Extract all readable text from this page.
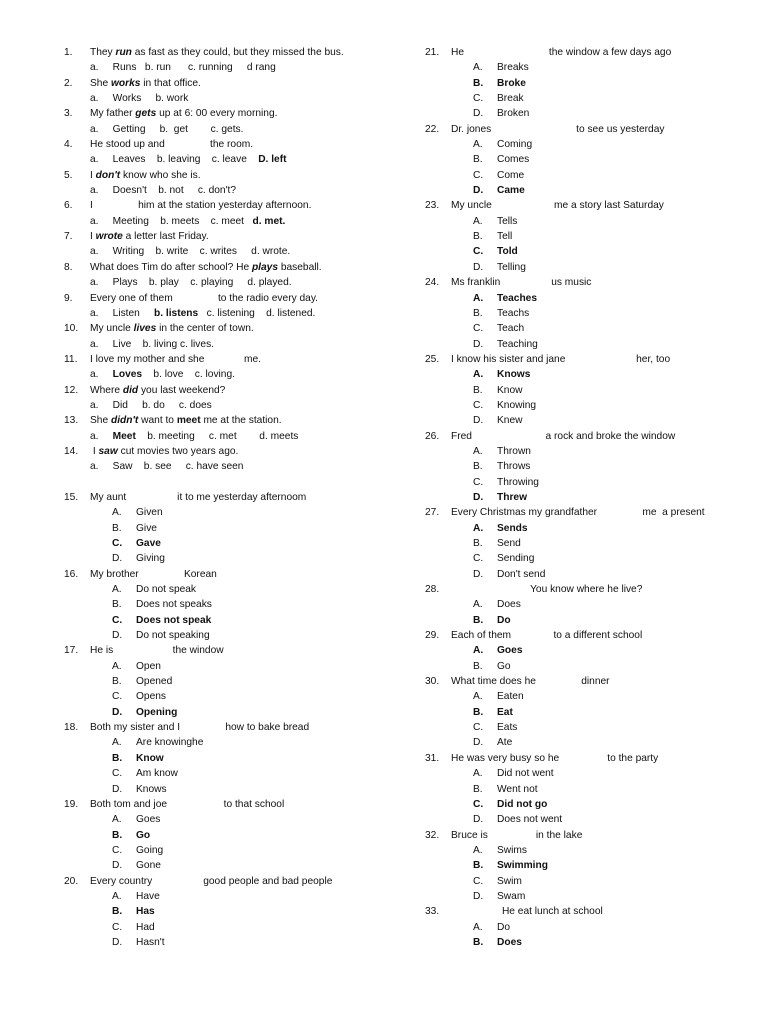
1. They run as fast as they could, but they missed the bus.
a.     Runs   b. run      c. running     d rang
2. She works in that office.
a.     Works     b. work
3. My father gets up at 6: 00 every morning.
a.     Getting     b.  get        c. gets.
4. He stood up and                the room.
a.     Leaves    b. leaving    c. leave    D. left
5. I don't know who she is.
a.     Doesn't    b. not     c. don't?
6. I                him at the station yesterday afternoon.
a.     Meeting    b. meets    c. meet   d. met.
7. I wrote a letter last Friday.
a.     Writing    b. write    c. writes     d. wrote.
8. What does Tim do after school? He plays baseball.
a.     Plays    b. play    c. playing     d. played.
9. Every one of them                to the radio every day.
a.     Listen     b. listens   c. listening    d. listened.
10. My uncle lives in the center of town.
a.     Live    b. living c. lives.
11. I love my mother and she              me.
a.     Loves    b. love    c. loving.
12. Where did you last weekend?
a.     Did     b. do     c. does
13. She didn't want to meet me at the station.
a.     Meet    b. meeting     c. met        d. meets
14. I saw cut movies two years ago.
a.     Saw    b. see     c. have seen
15. My aunt                  it to me yesterday afternoom
A. Given
B. Give
C. Gave
D. Giving
16. My brother                Korean
A. Do not speak
B. Does not speaks
C. Does not speak
D. Do not speaking
17. He is                     the window
A. Open
B. Opened
C. Opens
D. Opening
18. Both my sister and I                how to bake bread
A. Are knowinghe
B. Know
C. Am know
D. Knows
19. Both tom and joe                    to that school
A. Goes
B. Go
C. Going
D. Gone
20. Every country                  good people and bad people
A. Have
B. Has
C. Had
D. Hasn't
21. He                              the window a few days ago
A. Breaks
B. Broke
C. Break
D. Broken
22. Dr. jones                              to see us yesterday
A. Coming
B. Comes
C. Come
D. Came
23. My uncle                      me a story last Saturday
A. Tells
B. Tell
C. Told
D. Telling
24. Ms franklin                  us music
A. Teaches
B. Teachs
C. Teach
D. Teaching
25. I know his sister and jane                         her, too
A. Knows
B. Know
C. Knowing
D. Knew
26. Fred                          a rock and broke the window
A. Thrown
B. Throws
C. Throwing
D. Threw
27. Every Christmas my grandfather                me  a present
A. Sends
B. Send
C. Sending
D. Don't send
28.                            You know where he live?
A. Does
B. Do
29. Each of them               to a different school
A. Goes
B. Go
30. What time does he                dinner
A. Eaten
B. Eat
C. Eats
D. Ate
31. He was very busy so he                 to the party
A. Did not went
B. Went not
C. Did not go
D. Does not went
32. Bruce is                 in the lake
A. Swims
B. Swimming
C. Swim
D. Swam
33.                  He eat lunch at school
A. Do
B. Does
